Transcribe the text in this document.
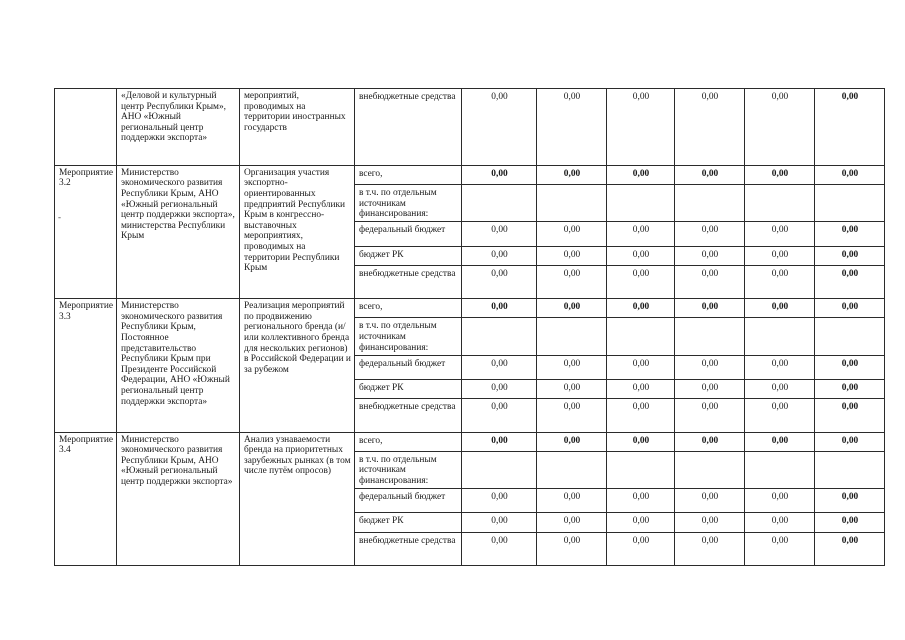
	«Деловой и культурный центр Республики Крым», АНО «Южный региональный центр поддержки экспорта»	мероприятий, проводимых на территории иностранных государств	внебюджетные средства	0,00	0,00	0,00	0,00	0,00	0,00
Мероприятие 3.2	Министерство экономического развития Республики Крым, АНО «Южный региональный центр поддержки экспорта», министерства Республики Крым	Организация участия экспортно-ориентированных предприятий Республики Крым в конгрессно-выставочных мероприятиях, проводимых на территории Республики Крым	всего,	0,00	0,00	0,00	0,00	0,00	0,00
			в т.ч. по отдельным источникам финансирования:						
			федеральный бюджет	0,00	0,00	0,00	0,00	0,00	0,00
			бюджет РК	0,00	0,00	0,00	0,00	0,00	0,00
			внебюджетные средства	0,00	0,00	0,00	0,00	0,00	0,00
Мероприятие 3.3	Министерство экономического развития Республики Крым, Постоянное представительство Республики Крым при Президенте Российской Федерации, АНО «Южный региональный центр поддержки экспорта»	Реализация мероприятий по продвижению регионального бренда (и/или коллективного бренда для нескольких регионов) в Российской Федерации и за рубежом	всего,	0,00	0,00	0,00	0,00	0,00	0,00
			в т.ч. по отдельным источникам финансирования:						
			федеральный бюджет	0,00	0,00	0,00	0,00	0,00	0,00
			бюджет РК	0,00	0,00	0,00	0,00	0,00	0,00
			внебюджетные средства	0,00	0,00	0,00	0,00	0,00	0,00
Мероприятие 3.4	Министерство экономического развития Республики Крым, АНО «Южный региональный центр поддержки экспорта»	Анализ узнаваемости бренда на приоритетных зарубежных рынках (в том числе путём опросов)	всего,	0,00	0,00	0,00	0,00	0,00	0,00
			в т.ч. по отдельным источникам финансирования:						
			федеральный бюджет	0,00	0,00	0,00	0,00	0,00	0,00
			бюджет РК	0,00	0,00	0,00	0,00	0,00	0,00
			внебюджетные средства	0,00	0,00	0,00	0,00	0,00	0,00
-
